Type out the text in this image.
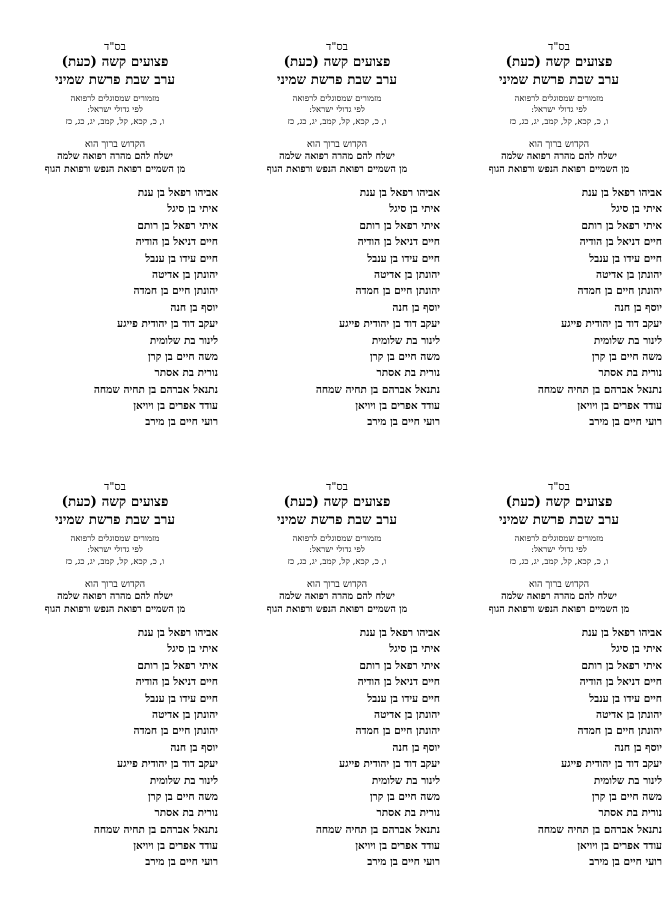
בס"ד
פצועים קשה (כעת)
ערב שבת פרשת שמיני
מזמורים שמסוגלים לרפואה
לפי גדולי ישראל:
ו, כ, קכא, קל, קמב, יג, כג, כז
הקדוש ברוך הוא
ישלח להם מהרה רפואה שלמה
מן השמיים רפואת הנפש ורפואת הגוף
אביהו רפאל בן ענת
איתי בן סיגל
איתי רפאל בן רותם
חיים דניאל בן הודיה
חיים עידו בן ענבל
יהונתן בן אדיטה
יהונתן חיים בן חמדה
יוסף בן חנה
יעקב דוד בן יהודית פייגע
לינור בת שלומית
משה חיים בן קרן
נורית בת אסתר
נתנאל אברהם בן תחיה שמחה
עודד אפרים בן ויויאן
רועי חיים בן מירב
בס"ד
פצועים קשה (כעת)
ערב שבת פרשת שמיני
מזמורים שמסוגלים לרפואה
לפי גדולי ישראל:
ו, כ, קכא, קל, קמב, יג, כג, כז
הקדוש ברוך הוא
ישלח להם מהרה רפואה שלמה
מן השמיים רפואת הנפש ורפואת הגוף
אביהו רפאל בן ענת
איתי בן סיגל
איתי רפאל בן רותם
חיים דניאל בן הודיה
חיים עידו בן ענבל
יהונתן בן אדיטה
יהונתן חיים בן חמדה
יוסף בן חנה
יעקב דוד בן יהודית פייגע
לינור בת שלומית
משה חיים בן קרן
נורית בת אסתר
נתנאל אברהם בן תחיה שמחה
עודד אפרים בן ויויאן
רועי חיים בן מירב
בס"ד
פצועים קשה (כעת)
ערב שבת פרשת שמיני
מזמורים שמסוגלים לרפואה
לפי גדולי ישראל:
ו, כ, קכא, קל, קמב, יג, כג, כז
הקדוש ברוך הוא
ישלח להם מהרה רפואה שלמה
מן השמיים רפואת הנפש ורפואת הגוף
אביהו רפאל בן ענת
איתי בן סיגל
איתי רפאל בן רותם
חיים דניאל בן הודיה
חיים עידו בן ענבל
יהונתן בן אדיטה
יהונתן חיים בן חמדה
יוסף בן חנה
יעקב דוד בן יהודית פייגע
לינור בת שלומית
משה חיים בן קרן
נורית בת אסתר
נתנאל אברהם בן תחיה שמחה
עודד אפרים בן ויויאן
רועי חיים בן מירב
בס"ד
פצועים קשה (כעת)
ערב שבת פרשת שמיני
מזמורים שמסוגלים לרפואה
לפי גדולי ישראל:
ו, כ, קכא, קל, קמב, יג, כג, כז
הקדוש ברוך הוא
ישלח להם מהרה רפואה שלמה
מן השמיים רפואת הנפש ורפואת הגוף
אביהו רפאל בן ענת
איתי בן סיגל
איתי רפאל בן רותם
חיים דניאל בן הודיה
חיים עידו בן ענבל
יהונתן בן אדיטה
יהונתן חיים בן חמדה
יוסף בן חנה
יעקב דוד בן יהודית פייגע
לינור בת שלומית
משה חיים בן קרן
נורית בת אסתר
נתנאל אברהם בן תחיה שמחה
עודד אפרים בן ויויאן
רועי חיים בן מירב
בס"ד
פצועים קשה (כעת)
ערב שבת פרשת שמיני
מזמורים שמסוגלים לרפואה
לפי גדולי ישראל:
ו, כ, קכא, קל, קמב, יג, כג, כז
הקדוש ברוך הוא
ישלח להם מהרה רפואה שלמה
מן השמיים רפואת הנפש ורפואת הגוף
אביהו רפאל בן ענת
איתי בן סיגל
איתי רפאל בן רותם
חיים דניאל בן הודיה
חיים עידו בן ענבל
יהונתן בן אדיטה
יהונתן חיים בן חמדה
יוסף בן חנה
יעקב דוד בן יהודית פייגע
לינור בת שלומית
משה חיים בן קרן
נורית בת אסתר
נתנאל אברהם בן תחיה שמחה
עודד אפרים בן ויויאן
רועי חיים בן מירב
בס"ד
פצועים קשה (כעת)
ערב שבת פרשת שמיני
מזמורים שמסוגלים לרפואה
לפי גדולי ישראל:
ו, כ, קכא, קל, קמב, יג, כג, כז
הקדוש ברוך הוא
ישלח להם מהרה רפואה שלמה
מן השמיים רפואת הנפש ורפואת הגוף
אביהו רפאל בן ענת
איתי בן סיגל
איתי רפאל בן רותם
חיים דניאל בן הודיה
חיים עידו בן ענבל
יהונתן בן אדיטה
יהונתן חיים בן חמדה
יוסף בן חנה
יעקב דוד בן יהודית פייגע
לינור בת שלומית
משה חיים בן קרן
נורית בת אסתר
נתנאל אברהם בן תחיה שמחה
עודד אפרים בן ויויאן
רועי חיים בן מירב
